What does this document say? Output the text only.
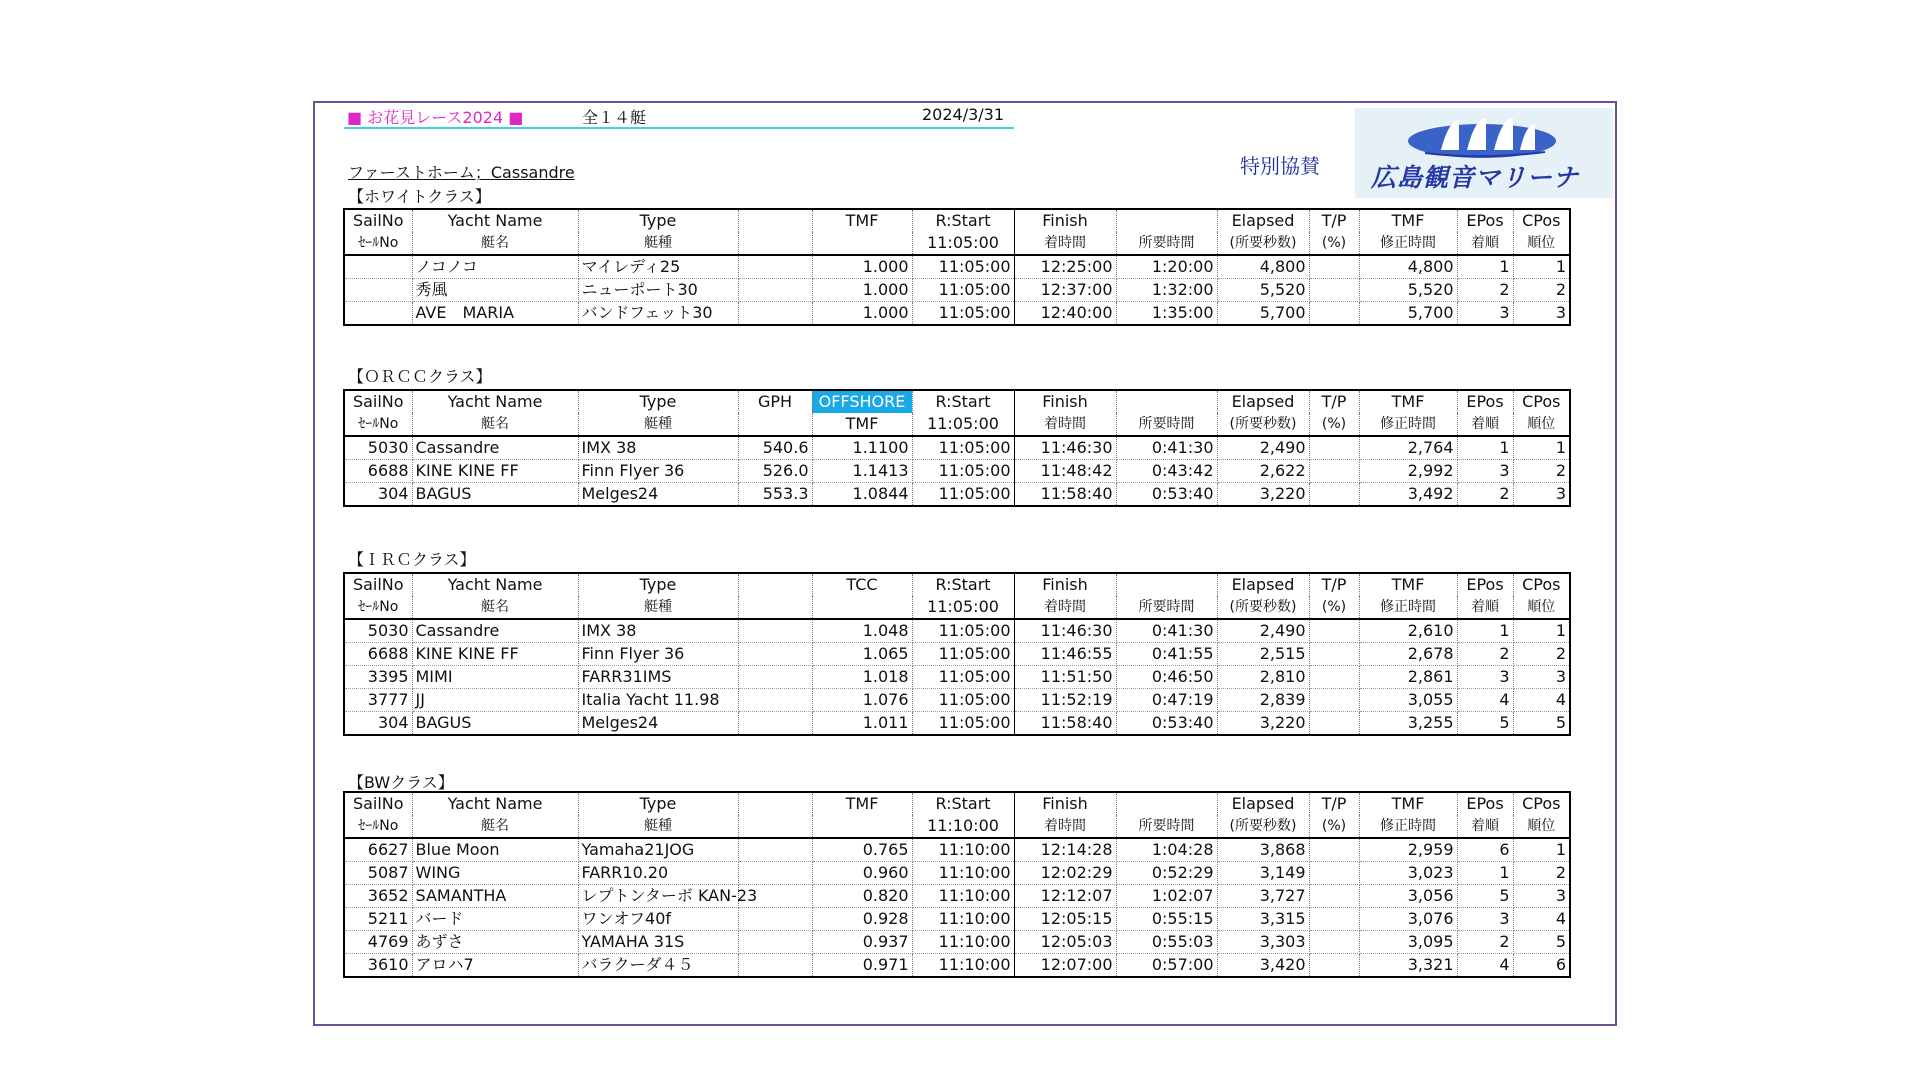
■ お花見レース2024 ■	全１４艇	2024/3/31
ファーストホーム；Cassandre	特別協賛 広島観音マリーナ
【ホワイトクラス】
【ＯＲＣＣクラス】
【ＩＲＣクラス】
【BWクラス】
SailNo	Yacht Name	Type		TMF	R:Start	Finish		Elapsed	T/P	TMF	EPos	CPos
ｾｰﾙNo	艇名	艇種			11:05:00	着時間	所要時間	(所要秒数)	(%)	修正時間	着順	順位
	ノコノコ	マイレディ25		1.000	11:05:00	12:25:00	1:20:00	4,800		4,800	1	1
	秀風	ニューポート30		1.000	11:05:00	12:37:00	1:32:00	5,520		5,520	2	2
	AVE　MARIA	バンドフェット30		1.000	11:05:00	12:40:00	1:35:00	5,700		5,700	3	3
SailNo	Yacht Name	Type	GPH	OFFSHORE	R:Start	Finish		Elapsed	T/P	TMF	EPos	CPos
ｾｰﾙNo	艇名	艇種		TMF	11:05:00	着時間	所要時間	(所要秒数)	(%)	修正時間	着順	順位
5030	Cassandre	IMX 38	540.6	1.1100	11:05:00	11:46:30	0:41:30	2,490		2,764	1	1
6688	KINE KINE FF	Finn Flyer 36	526.0	1.1413	11:05:00	11:48:42	0:43:42	2,622		2,992	3	2
304	BAGUS	Melges24	553.3	1.0844	11:05:00	11:58:40	0:53:40	3,220		3,492	2	3
SailNo	Yacht Name	Type		TCC	R:Start	Finish		Elapsed	T/P	TMF	EPos	CPos
ｾｰﾙNo	艇名	艇種			11:05:00	着時間	所要時間	(所要秒数)	(%)	修正時間	着順	順位
5030	Cassandre	IMX 38		1.048	11:05:00	11:46:30	0:41:30	2,490		2,610	1	1
6688	KINE KINE FF	Finn Flyer 36		1.065	11:05:00	11:46:55	0:41:55	2,515		2,678	2	2
3395	MIMI	FARR31IMS		1.018	11:05:00	11:51:50	0:46:50	2,810		2,861	3	3
3777	JJ	Italia Yacht 11.98		1.076	11:05:00	11:52:19	0:47:19	2,839		3,055	4	4
304	BAGUS	Melges24		1.011	11:05:00	11:58:40	0:53:40	3,220		3,255	5	5
SailNo	Yacht Name	Type		TMF	R:Start	Finish		Elapsed	T/P	TMF	EPos	CPos
ｾｰﾙNo	艇名	艇種			11:10:00	着時間	所要時間	(所要秒数)	(%)	修正時間	着順	順位
6627	Blue Moon	Yamaha21JOG		0.765	11:10:00	12:14:28	1:04:28	3,868		2,959	6	1
5087	WING	FARR10.20		0.960	11:10:00	12:02:29	0:52:29	3,149		3,023	1	2
3652	SAMANTHA	レプトンターボ KAN-23		0.820	11:10:00	12:12:07	1:02:07	3,727		3,056	5	3
5211	バード	ワンオフ40f		0.928	11:10:00	12:05:15	0:55:15	3,315		3,076	3	4
4769	あずさ	YAMAHA 31S		0.937	11:10:00	12:05:03	0:55:03	3,303		3,095	2	5
3610	アロハ7	バラクーダ４５		0.971	11:10:00	12:07:00	0:57:00	3,420		3,321	4	6
